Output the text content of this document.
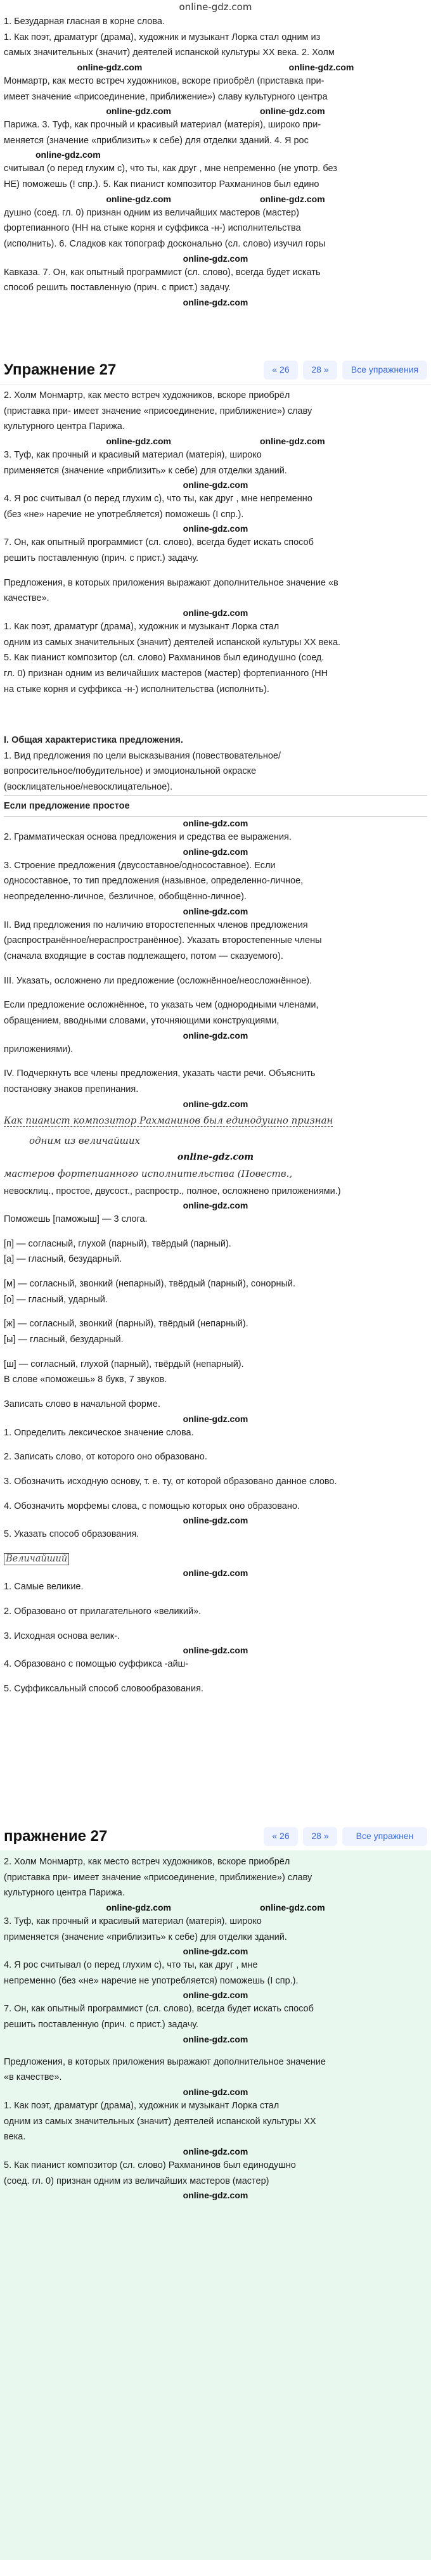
online-gdz.com

1. Безударная гласная в корне слова.

1. Как поэт, драматург (драма), художник и музыкант Лорка стал одним из

самых значительных (значит) деятелей испанской культуры XX века. 2. Холм

online-gdz.com	online-gdz.com

Монмартр, как место встреч художников, вскоре приобрёл (приставка при-

имеет значение «присоединение, приближение») славу культурного центра

online-gdz.com	online-gdz.com

Парижа. 3. Туф, как прочный и красивый материал (матерія), широко при-

меняется (значение «приблизить» к себе) для отделки зданий. 4. Я рос

online-gdz.com

считывал (о перед глухим с), что ты, как друг , мне непременно (не употр. без

НЕ) поможешь (! спр.). 5. Как пианист композитор Рахманинов был едино

online-gdz.com	online-gdz.com

душно (соед. гл. 0) признан одним из величайших мастеров (мастер)

фортепианного (НН на стыке корня и суффикса -н-) исполнительства

(исполнить). 6. Сладков как топограф досконально (сл. слово) изучил горы

online-gdz.com

Кавказа. 7. Он, как опытный программист (сл. слово), всегда будет искать

способ решить поставленную (прич. с прист.) задачу.

online-gdz.com
Упражнение 27	«
26 28
»	Все упражнения

2. Холм Монмартр, как место встреч художников, вскоре приобрёл

(приставка при- имеет значение «присоединение, приближение») славу

культурного центра Парижа.

online-gdz.com	online-gdz.com

3. Туф, как прочный и красивый материал (матерія), широко

применяется (значение «приблизить» к себе) для отделки зданий.

online-gdz.com

4. Я рос считывал (о перед глухим с), что ты, как друг , мне непременно

(без «не» наречие не употребляется) поможешь (I спр.).

online-gdz.com

7. Он, как опытный программист (сл. слово), всегда будет искать способ

решить поставленную (прич. с прист.) задачу.

Предложения, в которых приложения выражают дополнительное значение «в

качестве».

online-gdz.com

1. Как поэт, драматург (драма), художник и музыкант Лорка стал

одним из самых значительных (значит) деятелей испанской культуры XX века.

5. Как пианист композитор (сл. слово) Рахманинов был единодушно (соед.

гл. 0) признан одним из величайших мастеров (мастер) фортепианного (НН

на стыке корня и суффикса -н-) исполнительства (исполнить).

I. Общая характеристика предложения.

1. Вид предложения по цели высказывания (повествовательное/

вопросительное/побудительное) и эмоциональной окраске

(восклицательное/невосклицательное).

Если предложение простое
online-gdz.com

2. Грамматическая основа предложения и средства ее выражения.

online-gdz.com

3. Строение предложения (двусоставное/односоставное). Если

односоставное, то тип предложения (назывное, определенно-личное,

неопределенно-личное, безличное, обобщённо-личное).

online-gdz.com

II. Вид предложения по наличию второстепенных членов предложения

(распространённое/нераспространённое). Указать второстепенные члены

(сначала входящие в состав подлежащего, потом — сказуемого).

III. Указать, осложнено ли предложение (осложнённое/неосложнённое).

Если предложение осложнённое, то указать чем (однородными членами,

обращением, вводными словами, уточняющими конструкциями,

online-gdz.com

приложениями).

IV. Подчеркнуть все члены предложения, указать части речи. Объяснить

постановку знаков препинания.

online-gdz.com
Как пианист композитор Рахманинов был единодушно признан
одним из величайших
online-gdz.com
мастеров фортепианного исполнительства (Повеств.,

невосклиц., простое, двусост., распростр., полное, осложнено приложениями.)

online-gdz.com

Поможешь [паможыш] — 3 слога.

[п] — согласный, глухой (парный), твёрдый (парный).

[а] — гласный, безударный.

[м] — согласный, звонкий (непарный), твёрдый (парный), сонорный.

[о] — гласный, ударный.

[ж] — согласный, звонкий (парный), твёрдый (непарный).

[ы] — гласный, безударный.

[ш] — согласный, глухой (парный), твёрдый (непарный).

В слове «поможешь» 8 букв, 7 звуков.

Записать слово в начальной форме.

online-gdz.com

1. Определить лексическое значение слова.

2. Записать слово, от которого оно образовано.

3. Обозначить исходную основу, т. е. ту, от которой образовано данное слово.

4. Обозначить морфемы слова, с помощью которых оно образовано.

online-gdz.com

5. Указать способ образования.

Величайший

online-gdz.com

1. Самые великие.

2. Образовано от прилагательного «великий».

3. Исходная основа велик-.

online-gdz.com

4. Образовано с помощью суффикса -айш-

5. Суффиксальный способ словообразования.

пражнение 27	«
26 28
»	Все упражнен

2. Холм Монмартр, как место встреч художников, вскоре приобрёл

(приставка при- имеет значение «присоединение, приближение») славу

культурного центра Парижа.

online-gdz.com	online-gdz.com

3. Туф, как прочный и красивый материал (матерія), широко

применяется (значение «приблизить» к себе) для отделки зданий.

online-gdz.com

4. Я рос считывал (о перед глухим с), что ты, как друг , мне

непременно (без «не» наречие не употребляется) поможешь (I спр.).

online-gdz.com

7. Он, как опытный программист (сл. слово), всегда будет искать способ

решить поставленную (прич. с прист.) задачу.

online-gdz.com

Предложения, в которых приложения выражают дополнительное значение

«в качестве».

online-gdz.com

1. Как поэт, драматург (драма), художник и музыкант Лорка стал

одним из самых значительных (значит) деятелей испанской культуры XX

века.

online-gdz.com

5. Как пианист композитор (сл. слово) Рахманинов был единодушно

(соед. гл. 0) признан одним из величайших мастеров (мастер)

online-gdz.com
